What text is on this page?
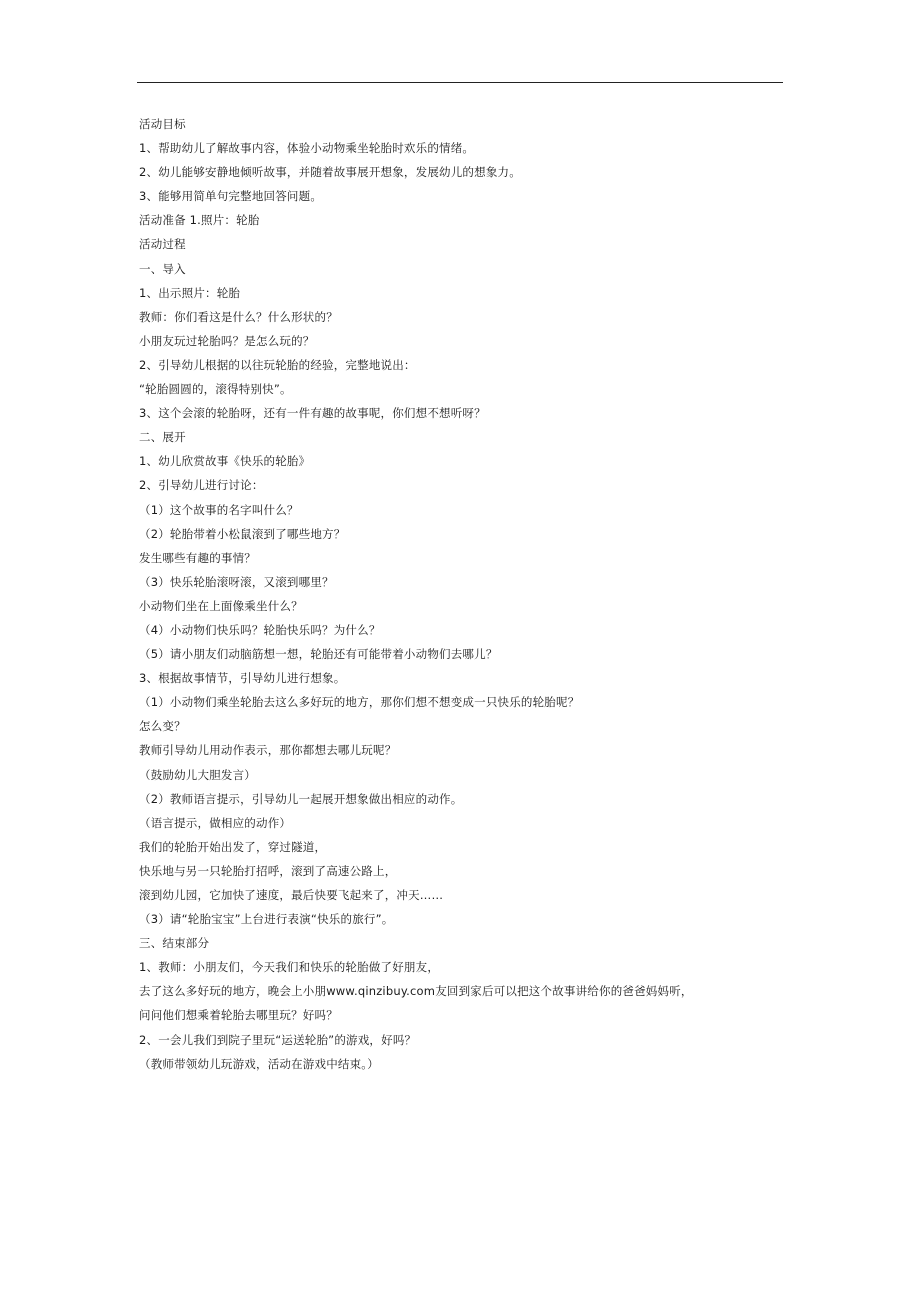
活动目标
1、帮助幼儿了解故事内容，体验小动物乘坐轮胎时欢乐的情绪。
2、幼儿能够安静地倾听故事，并随着故事展开想象，发展幼儿的想象力。
3、能够用简单句完整地回答问题。
活动准备 1.照片：轮胎
活动过程
一、导入
1、出示照片：轮胎
教师：你们看这是什么？什么形状的？
小朋友玩过轮胎吗？是怎么玩的？
2、引导幼儿根据的以往玩轮胎的经验，完整地说出：
“轮胎圆圆的，滚得特别快”。
3、这个会滚的轮胎呀，还有一件有趣的故事呢，你们想不想听呀？
二、展开
1、幼儿欣赏故事《快乐的轮胎》
2、引导幼儿进行讨论：
（1）这个故事的名字叫什么？
（2）轮胎带着小松鼠滚到了哪些地方？
发生哪些有趣的事情？
（3）快乐轮胎滚呀滚，又滚到哪里？
小动物们坐在上面像乘坐什么？
（4）小动物们快乐吗？轮胎快乐吗？为什么？
（5）请小朋友们动脑筋想一想，轮胎还有可能带着小动物们去哪儿？
3、根据故事情节，引导幼儿进行想象。
（1）小动物们乘坐轮胎去这么多好玩的地方，那你们想不想变成一只快乐的轮胎呢？
怎么变？
教师引导幼儿用动作表示，那你都想去哪儿玩呢？
（鼓励幼儿大胆发言）
（2）教师语言提示，引导幼儿一起展开想象做出相应的动作。
（语言提示，做相应的动作）
我们的轮胎开始出发了，穿过隧道，
快乐地与另一只轮胎打招呼，滚到了高速公路上，
滚到幼儿园，它加快了速度，最后快要飞起来了，冲天……
（3）请“轮胎宝宝”上台进行表演“快乐的旅行”。
三、结束部分
1、教师：小朋友们，今天我们和快乐的轮胎做了好朋友，
去了这么多好玩的地方，晚会上小朋www.qinzibuy.com友回到家后可以把这个故事讲给你的爸爸妈妈听，
问问他们想乘着轮胎去哪里玩？好吗？
2、一会儿我们到院子里玩“运送轮胎”的游戏，好吗？
（教师带领幼儿玩游戏，活动在游戏中结束。）
